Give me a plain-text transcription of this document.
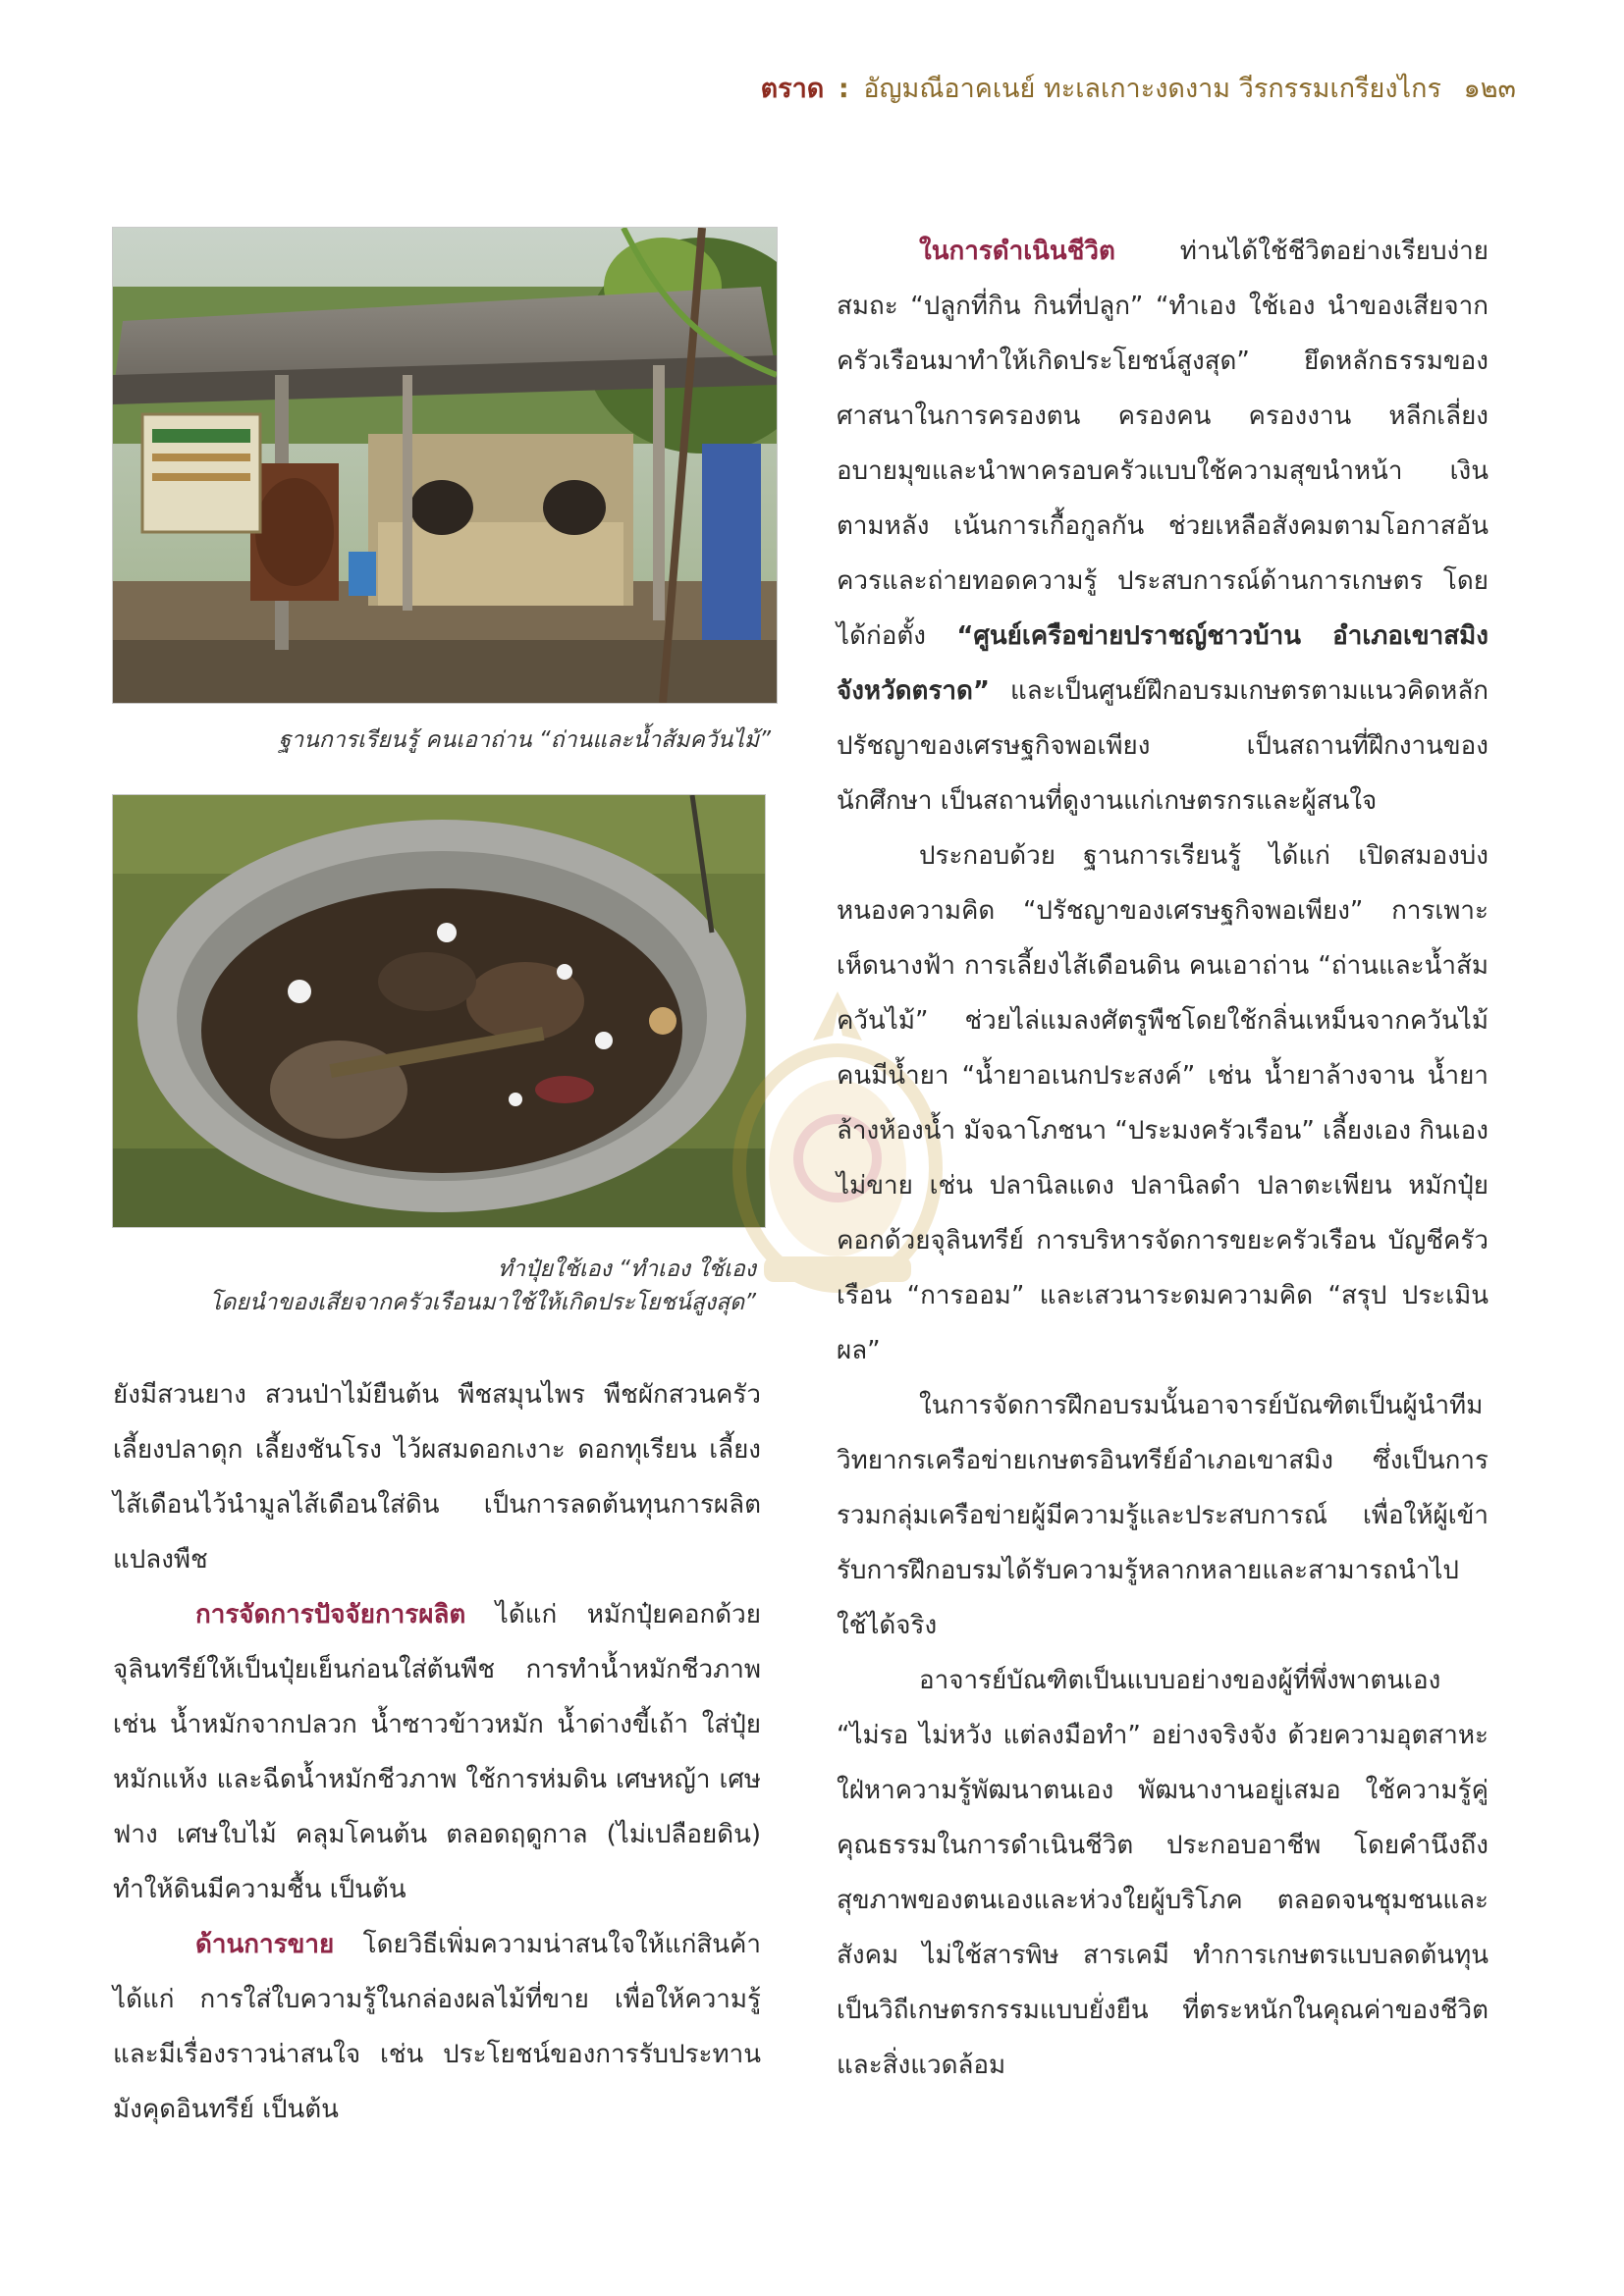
ตราด : อัญมณีอาคเนย์ ทะเลเกาะงดงาม วีรกรรมเกรียงไกร ๑๒๓
ฐานการเรียนรู้ คนเอาถ่าน “ถ่านและน้ำส้มควันไม้”
ทำปุ๋ยใช้เอง “ทำเอง ใช้เอง
โดยนำของเสียจากครัวเรือนมาใช้ให้เกิดประโยชน์สูงสุด”

ยังมีสวนยาง สวนป่าไม้ยืนต้น พืชสมุนไพร พืชผักสวนครัว เลี้ยงปลาดุก เลี้ยงชันโรง ไว้ผสมดอกเงาะ ดอกทุเรียน เลี้ยงไส้เดือนไว้นำมูลไส้เดือนใส่ดิน เป็นการลดต้นทุนการผลิตแปลงพืช

การจัดการปัจจัยการผลิต ได้แก่ หมักปุ๋ยคอกด้วยจุลินทรีย์ให้เป็นปุ๋ยเย็นก่อนใส่ต้นพืช การทำน้ำหมักชีวภาพ เช่น น้ำหมักจากปลวก น้ำซาวข้าวหมัก น้ำด่างขี้เถ้า ใส่ปุ๋ยหมักแห้ง และฉีดน้ำหมักชีวภาพ ใช้การห่มดิน เศษหญ้า เศษฟาง เศษใบไม้ คลุมโคนต้น ตลอดฤดูกาล (ไม่เปลือยดิน) ทำให้ดินมีความชื้น เป็นต้น

ด้านการขาย โดยวิธีเพิ่มความน่าสนใจให้แก่สินค้า ได้แก่ การใส่ใบความรู้ในกล่องผลไม้ที่ขาย เพื่อให้ความรู้และมีเรื่องราวน่าสนใจ เช่น ประโยชน์ของการรับประทานมังคุดอินทรีย์ เป็นต้น

ในการดำเนินชีวิต ท่านได้ใช้ชีวิตอย่างเรียบง่ายสมถะ “ปลูกที่กิน กินที่ปลูก” “ทำเอง ใช้เอง นำของเสียจากครัวเรือนมาทำให้เกิดประโยชน์สูงสุด” ยึดหลักธรรมของศาสนาในการครองตน ครองคน ครองงาน หลีกเลี่ยงอบายมุขและนำพาครอบครัวแบบใช้ความสุขนำหน้า เงินตามหลัง เน้นการเกื้อกูลกัน ช่วยเหลือสังคมตามโอกาสอันควรและถ่ายทอดความรู้ ประสบการณ์ด้านการเกษตร โดยได้ก่อตั้ง “ศูนย์เครือข่ายปราชญ์ชาวบ้าน อำเภอเขาสมิง จังหวัดตราด” และเป็นศูนย์ฝึกอบรมเกษตรตามแนวคิดหลักปรัชญาของเศรษฐกิจพอเพียง เป็นสถานที่ฝึกงานของนักศึกษา เป็นสถานที่ดูงานแก่เกษตรกรและผู้สนใจ

ประกอบด้วย ฐานการเรียนรู้ ได้แก่ เปิดสมองบ่งหนองความคิด “ปรัชญาของเศรษฐกิจพอเพียง” การเพาะเห็ดนางฟ้า การเลี้ยงไส้เดือนดิน คนเอาถ่าน “ถ่านและน้ำส้มควันไม้” ช่วยไล่แมลงศัตรูพืชโดยใช้กลิ่นเหม็นจากควันไม้ คนมีน้ำยา “น้ำยาอเนกประสงค์” เช่น น้ำยาล้างจาน น้ำยาล้างห้องน้ำ มัจฉาโภชนา “ประมงครัวเรือน” เลี้ยงเอง กินเอง ไม่ขาย เช่น ปลานิลแดง ปลานิลดำ ปลาตะเพียน หมักปุ๋ยคอกด้วยจุลินทรีย์ การบริหารจัดการขยะครัวเรือน บัญชีครัวเรือน “การออม” และเสวนาระดมความคิด “สรุป ประเมินผล”

ในการจัดการฝึกอบรมนั้นอาจารย์บัณฑิตเป็นผู้นำทีมวิทยากรเครือข่ายเกษตรอินทรีย์อำเภอเขาสมิง ซึ่งเป็นการรวมกลุ่มเครือข่ายผู้มีความรู้และประสบการณ์ เพื่อให้ผู้เข้ารับการฝึกอบรมได้รับความรู้หลากหลายและสามารถนำไปใช้ได้จริง

อาจารย์บัณฑิตเป็นแบบอย่างของผู้ที่พึ่งพาตนเอง “ไม่รอ ไม่หวัง แต่ลงมือทำ” อย่างจริงจัง ด้วยความอุตสาหะ ใฝ่หาความรู้พัฒนาตนเอง พัฒนางานอยู่เสมอ ใช้ความรู้คู่คุณธรรมในการดำเนินชีวิต ประกอบอาชีพ โดยคำนึงถึงสุขภาพของตนเองและห่วงใยผู้บริโภค ตลอดจนชุมชนและสังคม ไม่ใช้สารพิษ สารเคมี ทำการเกษตรแบบลดต้นทุน เป็นวิถีเกษตรกรรมแบบยั่งยืน ที่ตระหนักในคุณค่าของชีวิตและสิ่งแวดล้อม
